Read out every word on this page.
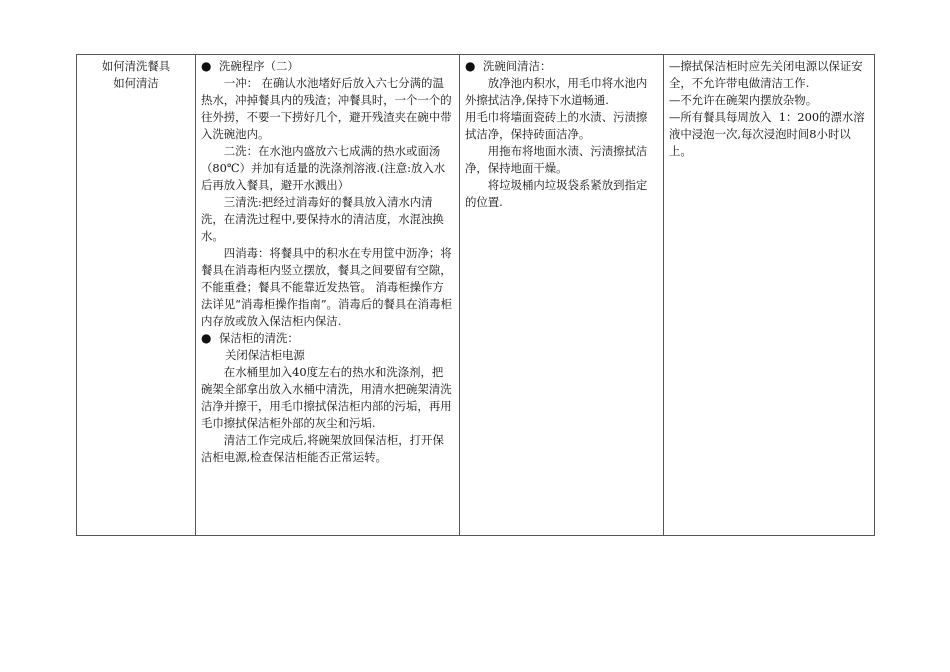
如何清洗餐具
如何清洁

● 洗碗程序（二）
一冲： 在确认水池堵好后放入六七分满的温热水，冲掉餐具内的残渣；冲餐具时，一个一个的往外捞，不要一下捞好几个，避开残渣夹在碗中带入洗碗池内。
二洗：在水池内盛放六七成满的热水或面汤（80℃）并加有适量的洗涤剂溶液.(注意:放入水后再放入餐具，避开水溅出）
三清洗:把经过消毒好的餐具放入清水内清洗，在清洗过程中,要保持水的清洁度，水混浊换水。
四消毒：将餐具中的积水在专用筐中沥净；将餐具在消毒柜内竖立摆放，餐具之间要留有空隙，不能重叠；餐具不能靠近发热管。 消毒柜操作方法详见“消毒柜操作指南”。消毒后的餐具在消毒柜内存放或放入保洁柜内保洁.
● 保洁柜的清洗：
关闭保洁柜电源
在水桶里加入40度左右的热水和洗涤剂，把碗架全部拿出放入水桶中清洗，用清水把碗架清洗洁净并擦干，用毛巾擦拭保洁柜内部的污垢，再用毛巾擦拭保洁柜外部的灰尘和污垢.
清洁工作完成后,将碗架放回保洁柜，打开保洁柜电源,检查保洁柜能否正常运转。

● 洗碗间清洁：
放净池内积水，用毛巾将水池内外擦拭洁净,保持下水道畅通.
用毛巾将墙面瓷砖上的水渍、污渍擦拭洁净，保持砖面洁净。
用拖布将地面水渍、污渍擦拭洁净，保持地面干燥。
将垃圾桶内垃圾袋系紧放到指定的位置.

—擦拭保洁柜时应先关闭电源以保证安全，不允许带电做清洁工作.
—不允许在碗架内摆放杂物。
—所有餐具每周放入  1：200的漂水溶液中浸泡一次,每次浸泡时间8小时以上。
